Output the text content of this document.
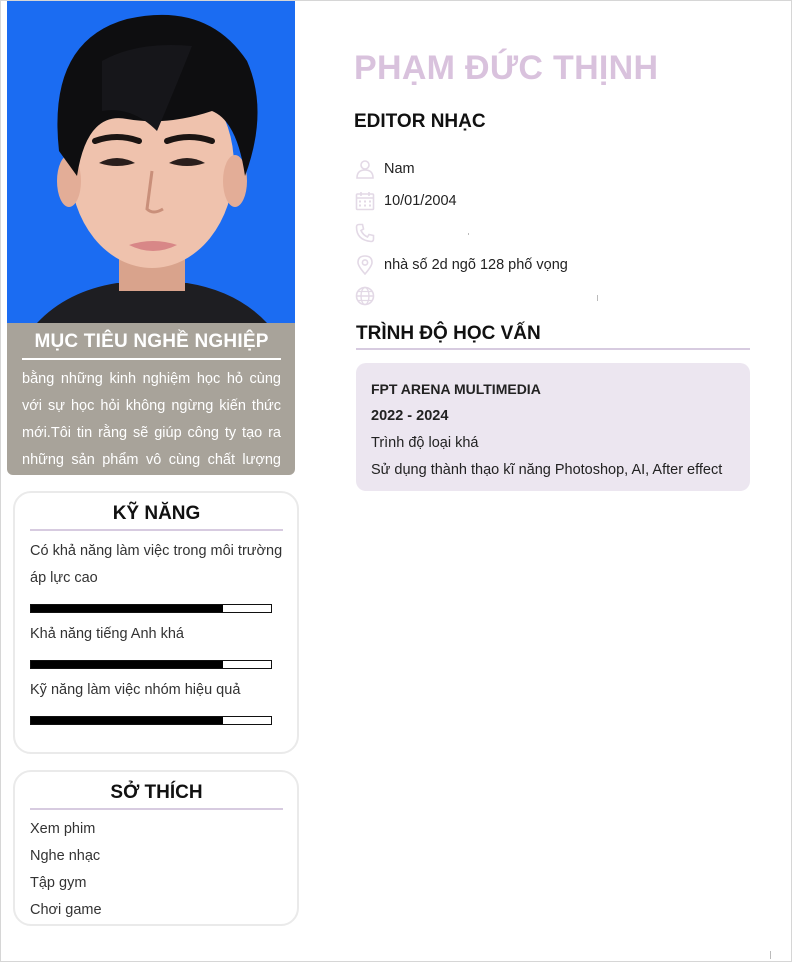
MỤC TIÊU NGHỀ NGHIỆP

bằng những kinh nghiệm học hỏ cùng với sự học hỏi không ngừng kiến thức mới.Tôi tin rằng sẽ giúp công ty tạo ra những sản phẩm vô cùng chất lượng

KỸ NĂNG
Có khả năng làm việc trong môi trường áp lực cao
Khả năng tiếng Anh khá
Kỹ năng làm việc nhóm hiệu quả
SỞ THÍCH
Xem phim
Nghe nhạc
Tập gym
Chơi game
PHẠM ĐỨC THỊNH
EDITOR NHẠC
Nam
10/01/2004
nhà số 2d ngõ 128 phố vọng
TRÌNH ĐỘ HỌC VẤN
FPT ARENA MULTIMEDIA
2022 - 2024
Trình độ loại khá
Sử dụng thành thạo kĩ năng Photoshop, AI, After effect
